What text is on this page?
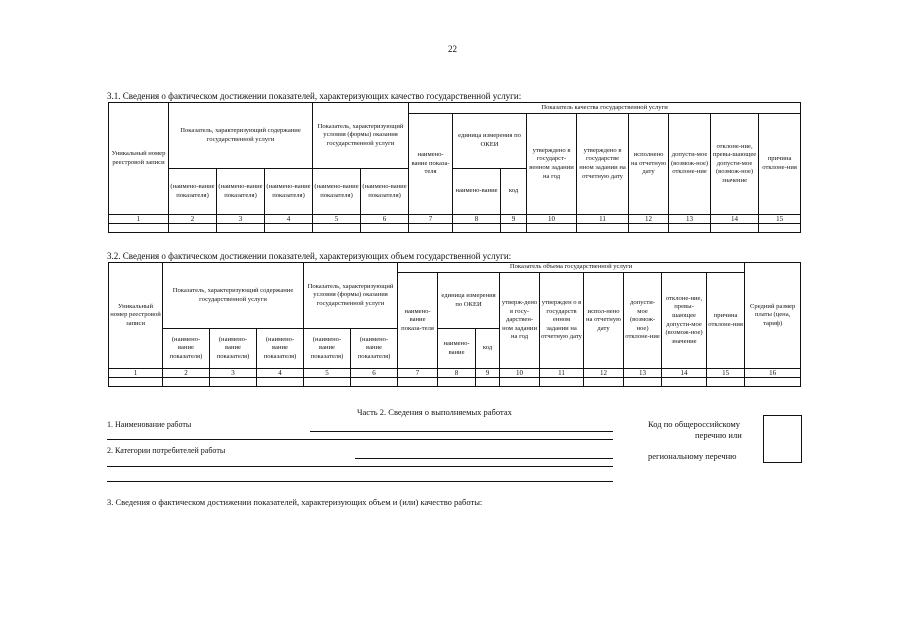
22
3.1. Сведения о фактическом достижении показателей, характеризующих качество государственной услуги:
Уникальный номер реестровой записи	Показатель, характеризующий содержание государственной услуги			Показатель, характеризующий условия (формы) оказания государственной услуги		Показатель качества государственной услуги								
						наимено-вание показа-теля	единица измерения по ОКЕИ		утверждено в государст-венном задании на год	утверждено в государстве нном задании на отчетную дату	исполнено на отчетную дату	допусти-мое (возмож-ное) отклоне-ние	отклоне-ние, превы-шающее допусти-мое (возмож-ное) значение	причина отклоне-ния
	(наимено-вание показателя)	(наимено-вание показателя)	(наимено-вание показателя)	(наимено-вание показателя)	(наимено-вание показателя)		наимено-вание	код						
1	2	3	4	5	6	7	8	9	10	11	12	13	14	15

3.2. Сведения о фактическом достижении показателей, характеризующих объем государственной услуги:
Уникальный номер реестровой записи	Показатель, характеризующий содержание государственной услуги			Показатель, характеризующий условия (формы) оказания государственной услуги		Показатель объема государственной услуги									Средний размер платы (цена, тариф)
						наимено-вание показа-теля	единица измерения по ОКЕИ		утверж-дено в госу-дарствен-ном задании на год	утвержден о в государств енном задании на отчетную дату	испол-нено на отчетную дату	допусти-мое (возмож-ное) отклоне-ние	отклоне-ние, превы-шающее допусти-мое (возмож-ное) значение	причина отклоне-ния	
	(наимено-вание показателя)	(наимено-вание показателя)	(наимено-вание показателя)	(наимено-вание показателя)	(наимено-вание показателя)		наимено-вание	код							
1	2	3	4	5	6	7	8	9	10	11	12	13	14	15	16

Часть 2. Сведения о выполняемых работах
1. Наименование работы
2. Категории потребителей работы
Код по общероссийскому
перечню или
региональному перечню
3. Сведения о фактическом достижении показателей, характеризующих объем и (или) качество работы:
